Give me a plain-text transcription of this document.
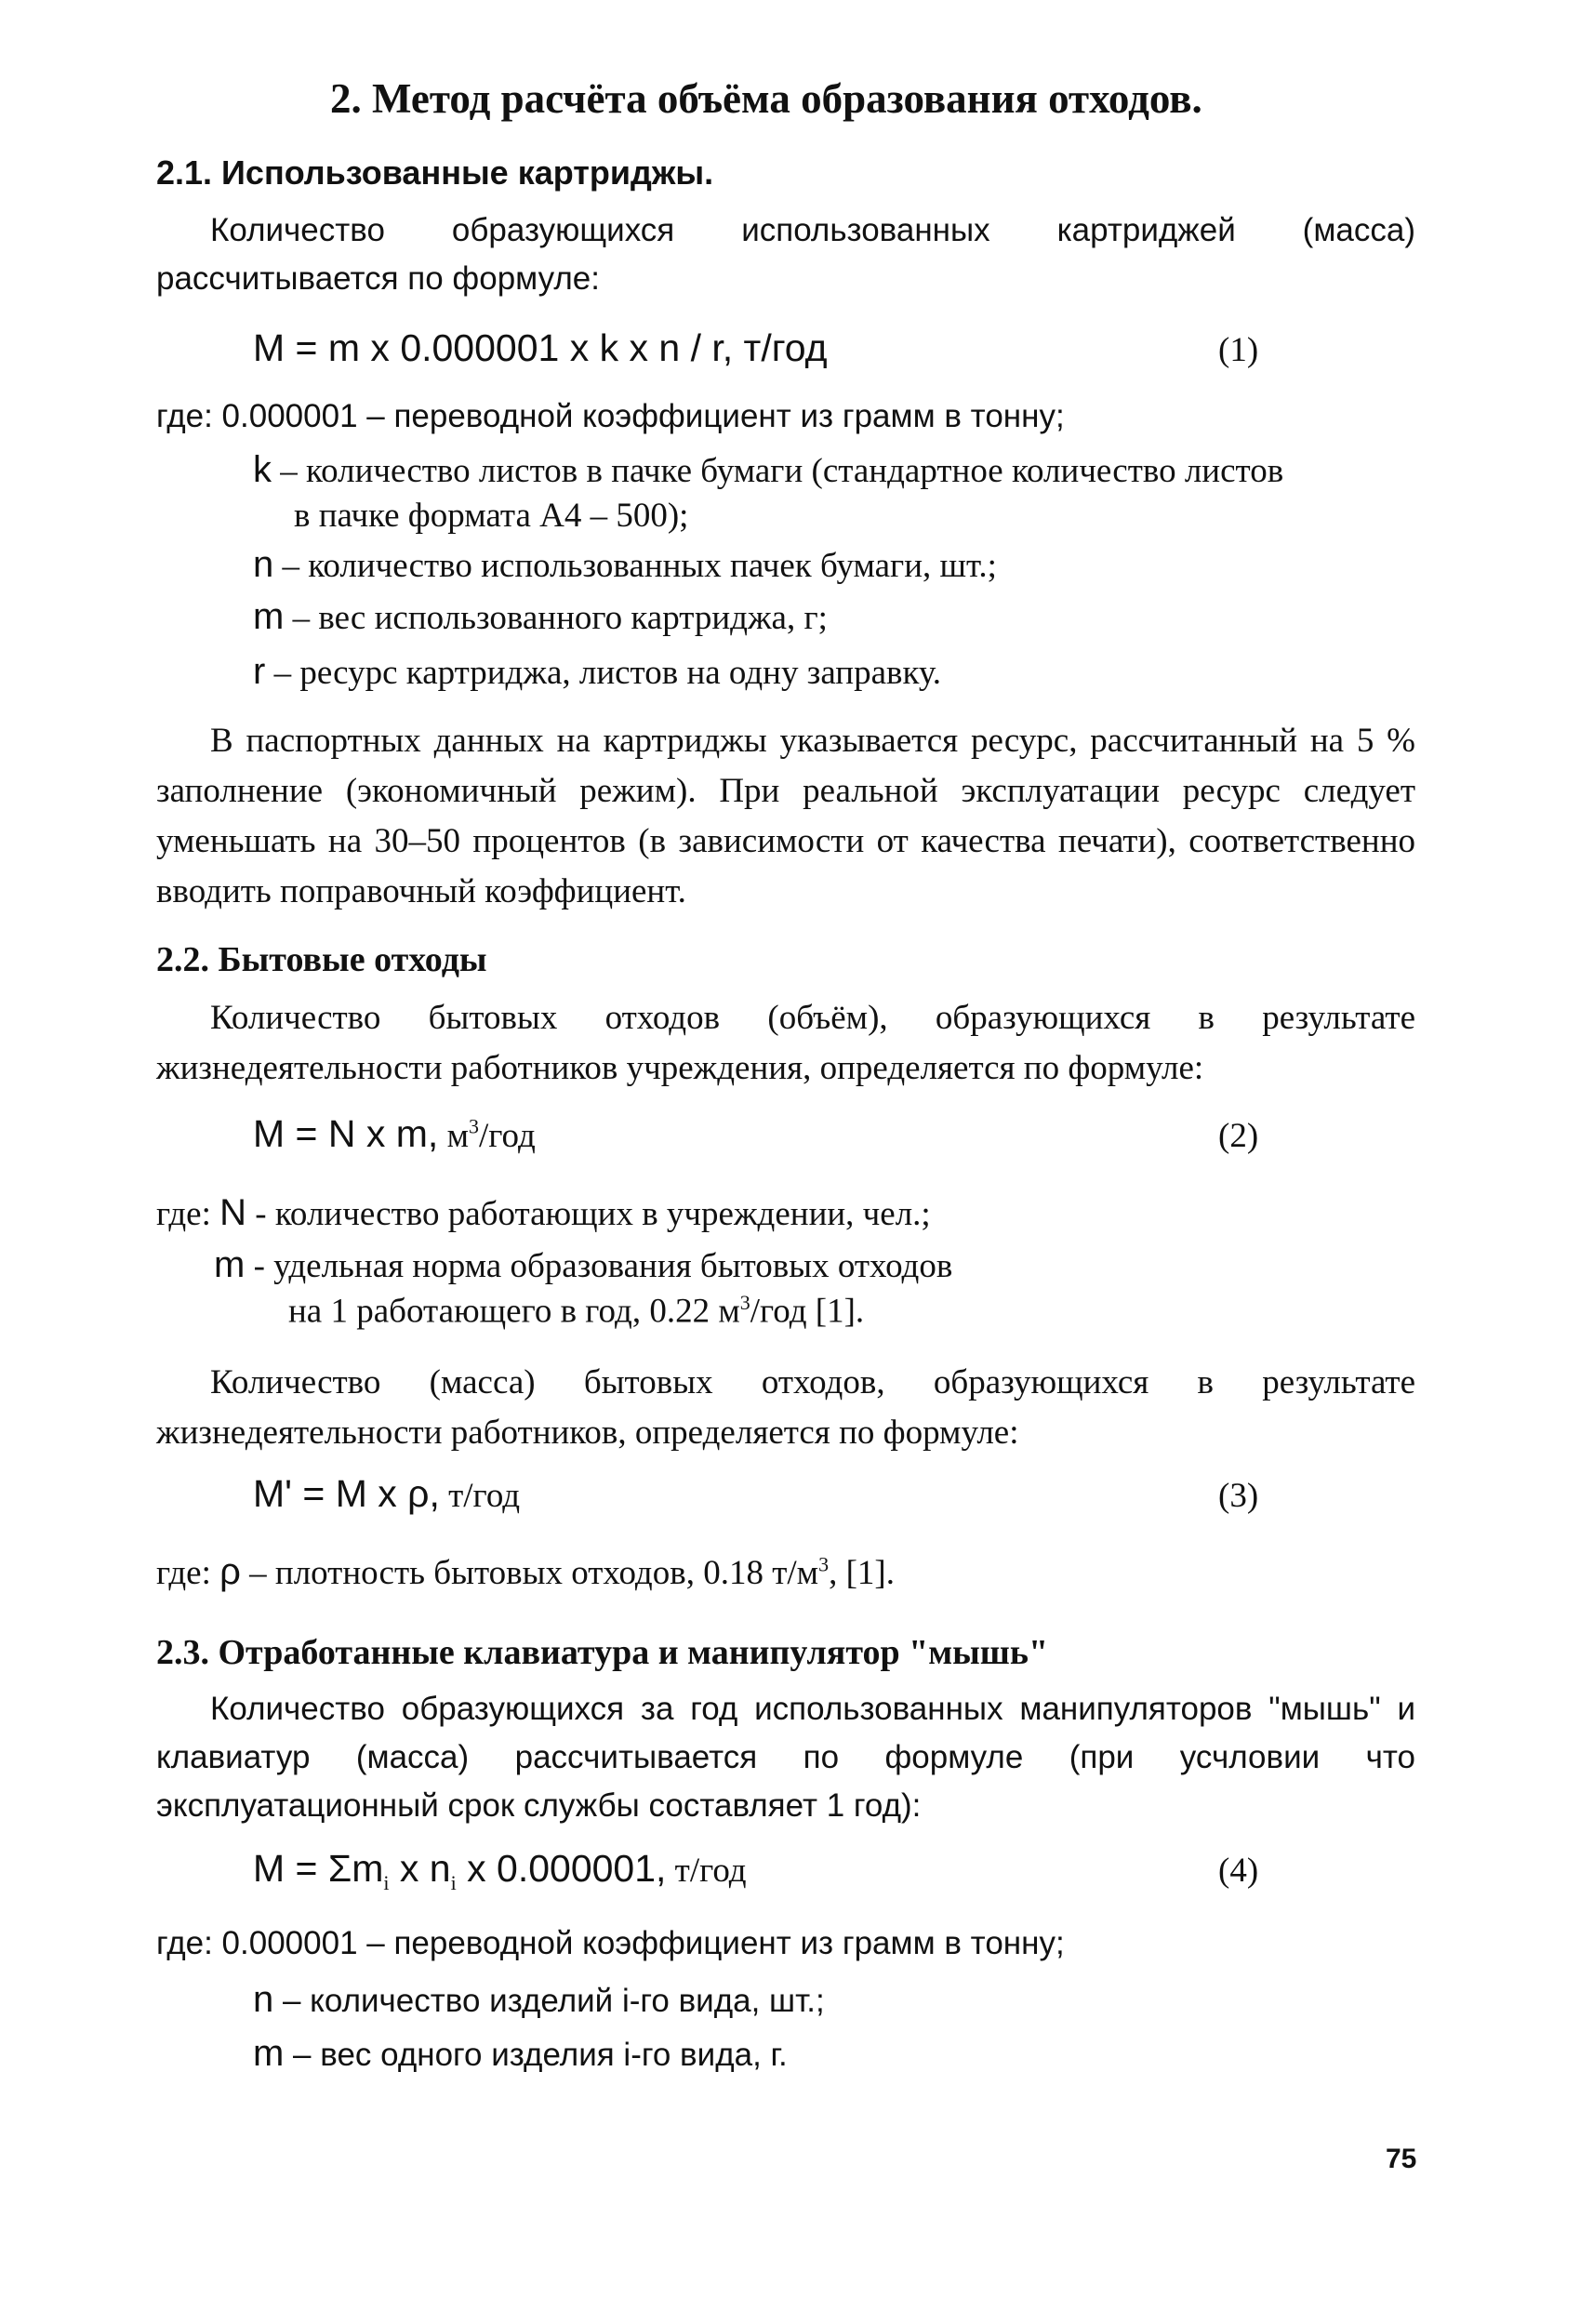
2. Метод расчёта объёма образования отходов.
2.1. Использованные картриджы.
Количество образующихся использованных картриджей (масса) рассчитывается по формуле:
M = m x 0.000001 x k x n / r, т/год	(1)
где: 0.000001 – переводной коэффициент из грамм в тонну;
k – количество листов в пачке бумаги (стандартное количество листов
в пачке формата А4 – 500);
n – количество использованных пачек бумаги, шт.;
m – вес использованного картриджа, г;
r – ресурс картриджа, листов на одну заправку.
В паспортных данных на картриджы указывается ресурс, рассчитанный на 5 % заполнение (экономичный режим). При реальной эксплуатации ресурс следует уменьшать на 30–50 процентов (в зависимости от качества печати), соответственно вводить поправочный коэффициент.
2.2. Бытовые отходы
Количество бытовых отходов (объём), образующихся в результате жизнедеятельности работников учреждения, определяется по формуле:
M = N x m, $м^3$/год	(2)
где: N - количество работающих в учреждении, чел.;
m - удельная норма образования бытовых отходов
на 1 работающего в год, 0.22 $м^3$/год [1].
Количество (масса) бытовых отходов, образующихся в результате жизнедеятельности работников, определяется по формуле:
M' = M x ρ, т/год	(3)
где: ρ – плотность бытовых отходов, 0.18 $т/м^3$, [1].
2.3. Отработанные клавиатура и манипулятор "мышь"
Количество образующихся за год использованных манипуляторов "мышь" и клавиатур (масса) рассчитывается по формуле (при усчловии что эксплуатационный срок службы составляет 1 год):
$M = \Sigma m_i$ x $n_i$ x 0.000001, т/год	(4)
где: 0.000001 – переводной коэффициент из грамм в тонну;
n – количество изделий i-го вида, шт.;
m – вес одного изделия i-го вида, г.
75
